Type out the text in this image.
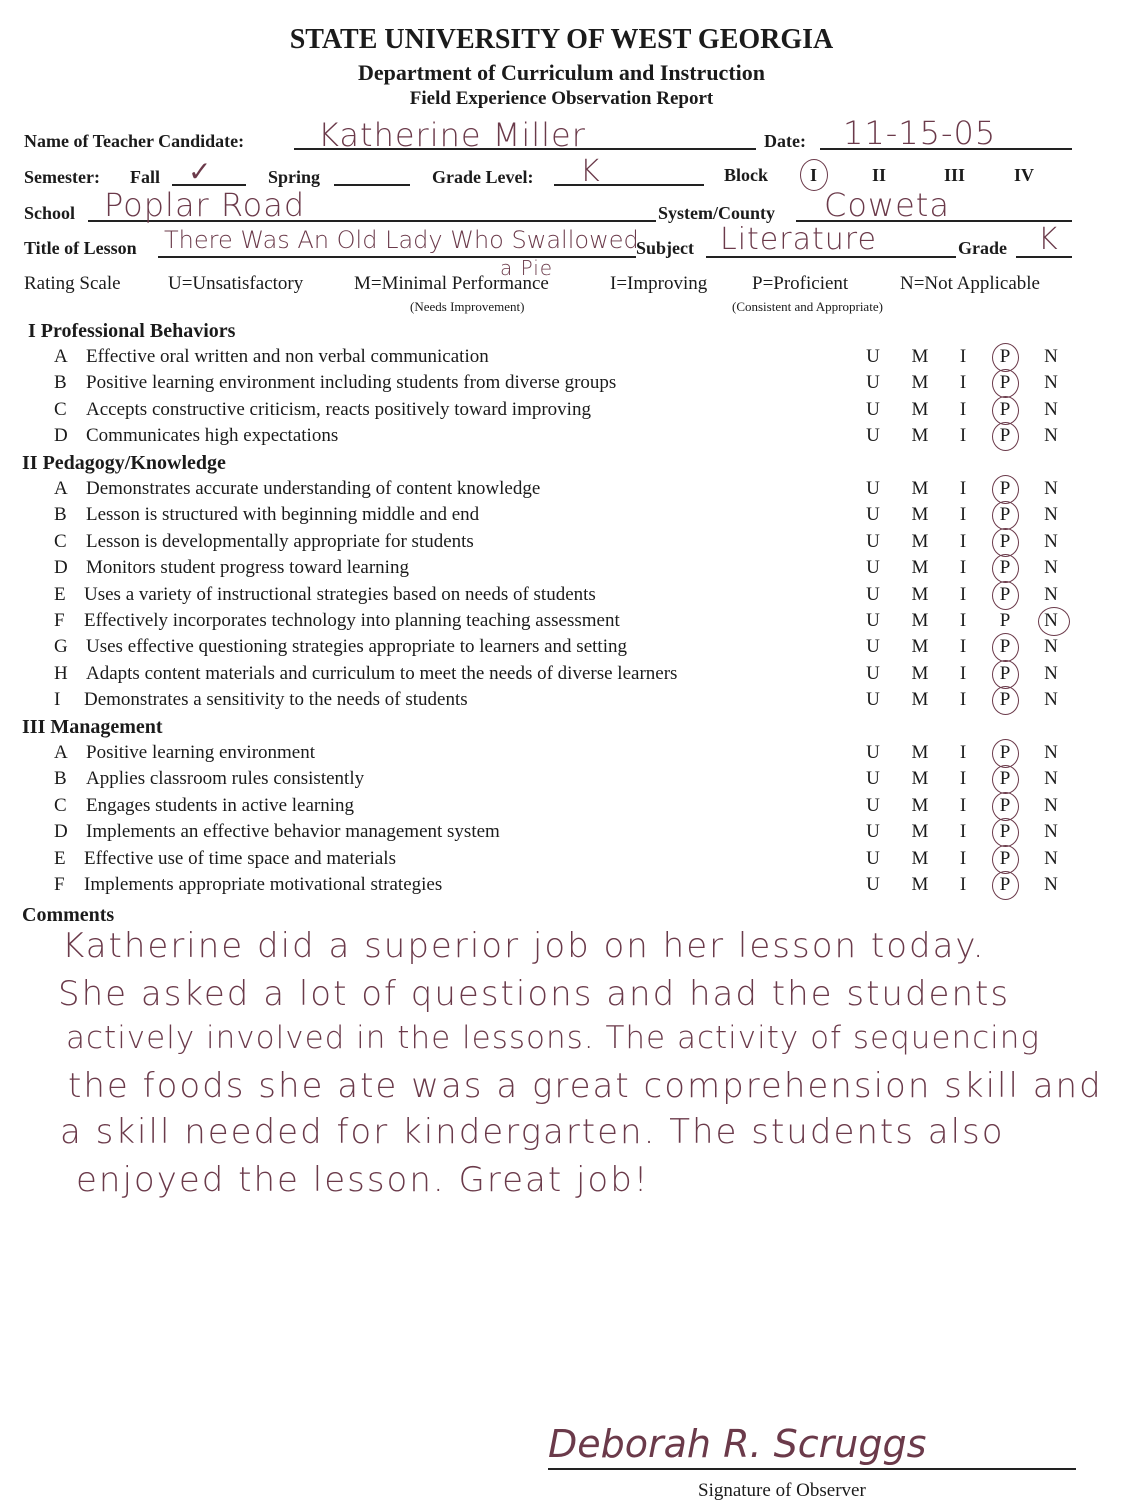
STATE UNIVERSITY OF WEST GEORGIA
Department of Curriculum and Instruction
Field Experience Observation Report
Name of Teacher Candidate: Katherine Miller	Date: 11-15-05
Semester: Fall ✓	Spring	Grade Level: K	Block I	II	III	IV
School Poplar Road	System/County Coweta
Title of Lesson There Was An Old Lady Who Swallowed
a Pie
Subject Literature	Grade K
Rating Scale U=Unsatisfactory	M=Minimal Performance
(Needs Improvement)
I=Improving P=Proficient
(Consistent and Appropriate)
N=Not Applicable
I Professional Behaviors
A Effective oral written and non verbal communication	U	M	I	P	N
B Positive learning environment including students from diverse groups	U	M	I	P	N
C Accepts constructive criticism, reacts positively toward improving	U	M	I	P	N
D Communicates high expectations	U	M	I	P	N
II Pedagogy/Knowledge
A Demonstrates accurate understanding of content knowledge	U	M	I	P	N
B Lesson is structured with beginning middle and end	U	M	I	P	N
C Lesson is developmentally appropriate for students	U	M	I	P	N
D Monitors student progress toward learning	U	M	I	P	N
E Uses a variety of instructional strategies based on needs of students	U	M	I	P	N
F Effectively incorporates technology into planning teaching assessment	U	M	I	P	N
G Uses effective questioning strategies appropriate to learners and setting	U	M	I	P	N
H Adapts content materials and curriculum to meet the needs of diverse learners	U	M	I	P	N
I Demonstrates a sensitivity to the needs of students	U	M	I	P	N
III Management
A Positive learning environment	U	M	I	P	N
B Applies classroom rules consistently	U	M	I	P	N
C Engages students in active learning	U	M	I	P	N
D Implements an effective behavior management system	U	M	I	P	N
E Effective use of time space and materials	U	M	I	P	N
F Implements appropriate motivational strategies	U	M	I	P	N
Comments
Katherine did a superior job on her lesson today.
She asked a lot of questions and had the students
actively involved in the lessons. The activity of sequencing
the foods she ate was a great comprehension skill and
a skill needed for kindergarten. The students also
enjoyed the lesson. Great job!
Deborah R. Scruggs
Signature of Observer
